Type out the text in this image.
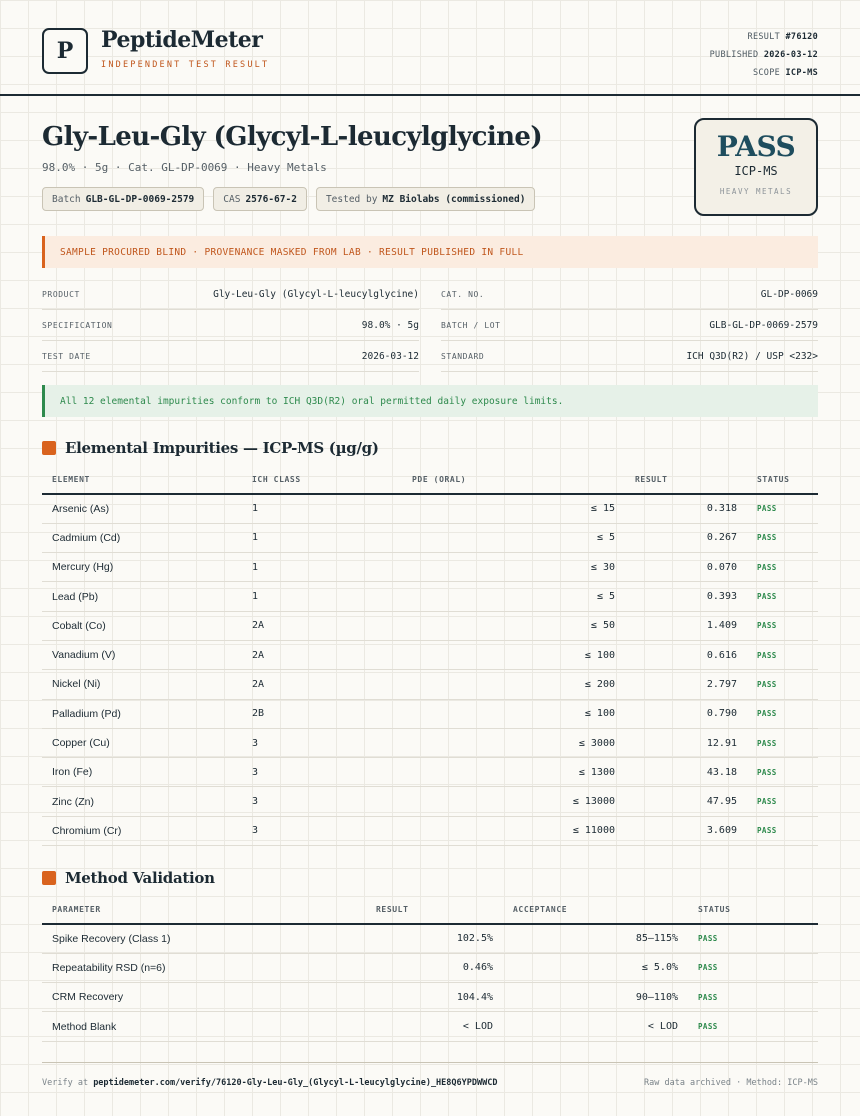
P	PeptideMeter
INDEPENDENT TEST RESULT
RESULT #76120
PUBLISHED 2026-03-12
SCOPE ICP-MS
Gly-Leu-Gly (Glycyl-L-leucylglycine)
98.0% · 5g · Cat. GL-DP-0069 · Heavy Metals
Batch GLB-GL-DP-0069-2579	CAS 2576-67-2	Tested by MZ Biolabs (commissioned)
PASS
ICP-MS
HEAVY METALS
SAMPLE PROCURED BLIND · PROVENANCE MASKED FROM LAB · RESULT PUBLISHED IN FULL
PRODUCT	Gly-Leu-Gly (Glycyl-L-leucylglycine)	CAT. NO.	GL-DP-0069
SPECIFICATION	98.0% · 5g	BATCH / LOT	GLB-GL-DP-0069-2579
TEST DATE	2026-03-12	STANDARD	ICH Q3D(R2) / USP <232>
All 12 elemental impurities conform to ICH Q3D(R2) oral permitted daily exposure limits.
Elemental Impurities — ICP-MS (µg/g)
ELEMENT	ICH CLASS	PDE (ORAL)	RESULT	STATUS
Arsenic (As)	1	≤ 15	0.318	PASS
Cadmium (Cd)	1	≤ 5	0.267	PASS
Mercury (Hg)	1	≤ 30	0.070	PASS
Lead (Pb)	1	≤ 5	0.393	PASS
Cobalt (Co)	2A	≤ 50	1.409	PASS
Vanadium (V)	2A	≤ 100	0.616	PASS
Nickel (Ni)	2A	≤ 200	2.797	PASS
Palladium (Pd)	2B	≤ 100	0.790	PASS
Copper (Cu)	3	≤ 3000	12.91	PASS
Iron (Fe)	3	≤ 1300	43.18	PASS
Zinc (Zn)	3	≤ 13000	47.95	PASS
Chromium (Cr)	3	≤ 11000	3.609	PASS
Method Validation
PARAMETER	RESULT	ACCEPTANCE	STATUS
Spike Recovery (Class 1)	102.5%	85–115%	PASS
Repeatability RSD (n=6)	0.46%	≤ 5.0%	PASS
CRM Recovery	104.4%	90–110%	PASS
Method Blank	< LOD	< LOD	PASS
Verify at peptidemeter.com/verify/76120-Gly-Leu-Gly_(Glycyl-L-leucylglycine)_HE8Q6YPDWWCD	Raw data archived · Method: ICP-MS
